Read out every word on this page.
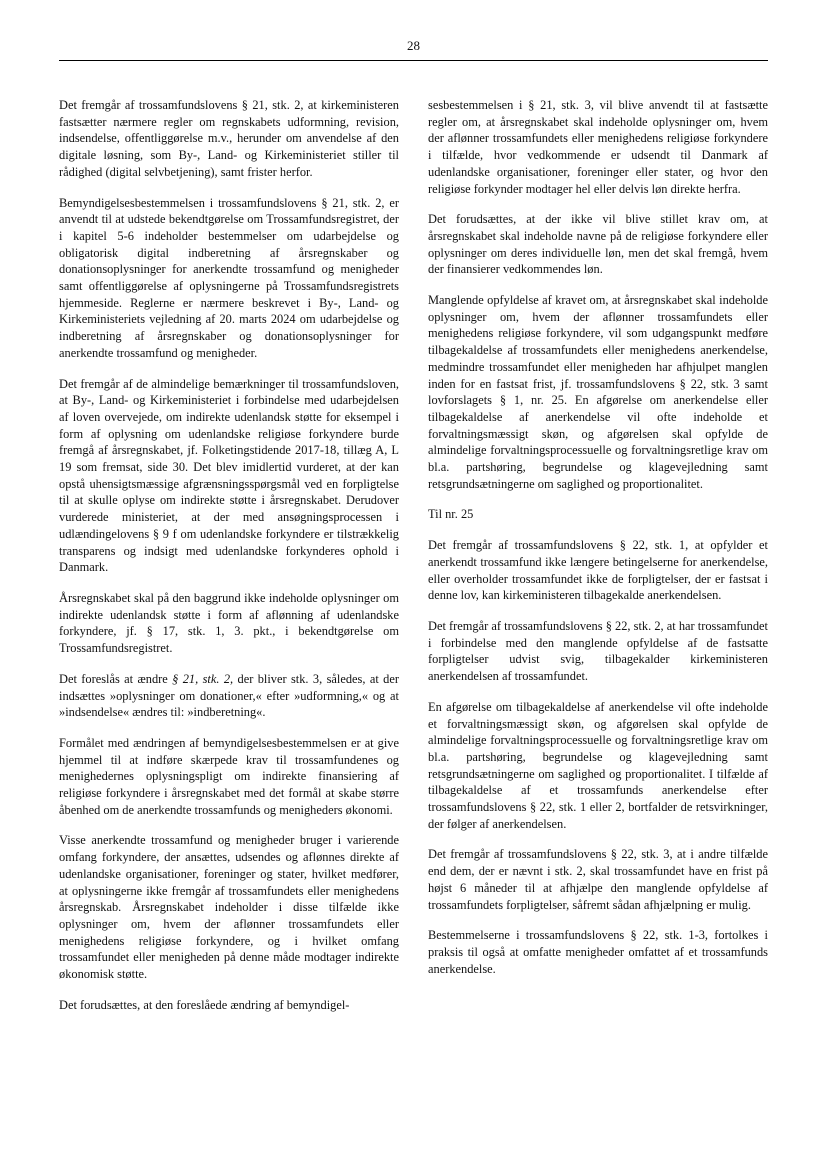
28

Det fremgår af trossamfundslovens § 21, stk. 2, at kirkeministeren fastsætter nærmere regler om regnskabets udformning, revision, indsendelse, offentliggørelse m.v., herunder om anvendelse af den digitale løsning, som By-, Land- og Kirkeministeriet stiller til rådighed (digital selvbetjening), samt frister herfor.

Bemyndigelsesbestemmelsen i trossamfundslovens § 21, stk. 2, er anvendt til at udstede bekendtgørelse om Trossamfundsregistret, der i kapitel 5-6 indeholder bestemmelser om udarbejdelse og obligatorisk digital indberetning af årsregnskaber og donationsoplysninger for anerkendte trossamfund og menigheder samt offentliggørelse af oplysningerne på Trossamfundsregistrets hjemmeside. Reglerne er nærmere beskrevet i By-, Land- og Kirkeministeriets vejledning af 20. marts 2024 om udarbejdelse og indberetning af årsregnskaber og donationsoplysninger for anerkendte trossamfund og menigheder.

Det fremgår af de almindelige bemærkninger til trossamfundsloven, at By-, Land- og Kirkeministeriet i forbindelse med udarbejdelsen af loven overvejede, om indirekte udenlandsk støtte for eksempel i form af oplysning om udenlandske religiøse forkyndere burde fremgå af årsregnskabet, jf. Folketingstidende 2017-18, tillæg A, L 19 som fremsat, side 30. Det blev imidlertid vurderet, at der kan opstå uhensigtsmæssige afgrænsningsspørgsmål ved en forpligtelse til at skulle oplyse om indirekte støtte i årsregnskabet. Derudover vurderede ministeriet, at der med ansøgningsprocessen i udlændingelovens § 9 f om udenlandske forkyndere er tilstrækkelig transparens og indsigt med udenlandske forkynderes ophold i Danmark.

Årsregnskabet skal på den baggrund ikke indeholde oplysninger om indirekte udenlandsk støtte i form af aflønning af udenlandske forkyndere, jf. § 17, stk. 1, 3. pkt., i bekendtgørelse om Trossamfundsregistret.

Det foreslås at ændre § 21, stk. 2, der bliver stk. 3, således, at der indsættes »oplysninger om donationer,« efter »udformning,« og at »indsendelse« ændres til: »indberetning«.

Formålet med ændringen af bemyndigelsesbestemmelsen er at give hjemmel til at indføre skærpede krav til trossamfundenes og menighedernes oplysningspligt om indirekte finansiering af religiøse forkyndere i årsregnskabet med det formål at skabe større åbenhed om de anerkendte trossamfunds og menigheders økonomi.

Visse anerkendte trossamfund og menigheder bruger i varierende omfang forkyndere, der ansættes, udsendes og aflønnes direkte af udenlandske organisationer, foreninger og stater, hvilket medfører, at oplysningerne ikke fremgår af trossamfundets eller menighedens årsregnskab. Årsregnskabet indeholder i disse tilfælde ikke oplysninger om, hvem der aflønner trossamfundets eller menighedens religiøse forkyndere, og i hvilket omfang trossamfundet eller menigheden på denne måde modtager indirekte økonomisk støtte.

Det forudsættes, at den foreslåede ændring af bemyndigel-

sesbestemmelsen i § 21, stk. 3, vil blive anvendt til at fastsætte regler om, at årsregnskabet skal indeholde oplysninger om, hvem der aflønner trossamfundets eller menighedens religiøse forkyndere i tilfælde, hvor vedkommende er udsendt til Danmark af udenlandske organisationer, foreninger eller stater, og hvor den religiøse forkynder modtager hel eller delvis løn direkte herfra.

Det forudsættes, at der ikke vil blive stillet krav om, at årsregnskabet skal indeholde navne på de religiøse forkyndere eller oplysninger om deres individuelle løn, men det skal fremgå, hvem der finansierer vedkommendes løn.

Manglende opfyldelse af kravet om, at årsregnskabet skal indeholde oplysninger om, hvem der aflønner trossamfundets eller menighedens religiøse forkyndere, vil som udgangspunkt medføre tilbagekaldelse af trossamfundets eller menighedens anerkendelse, medmindre trossamfundet eller menigheden har afhjulpet manglen inden for en fastsat frist, jf. trossamfundslovens § 22, stk. 3 samt lovforslagets § 1, nr. 25. En afgørelse om anerkendelse eller tilbagekaldelse af anerkendelse vil ofte indeholde et forvaltningsmæssigt skøn, og afgørelsen skal opfylde de almindelige forvaltningsprocessuelle og forvaltningsretlige krav om bl.a. partshøring, begrundelse og klagevejledning samt retsgrundsætningerne om saglighed og proportionalitet.

Til nr. 25

Det fremgår af trossamfundslovens § 22, stk. 1, at opfylder et anerkendt trossamfund ikke længere betingelserne for anerkendelse, eller overholder trossamfundet ikke de forpligtelser, der er fastsat i denne lov, kan kirkeministeren tilbagekalde anerkendelsen.

Det fremgår af trossamfundslovens § 22, stk. 2, at har trossamfundet i forbindelse med den manglende opfyldelse af de fastsatte forpligtelser udvist svig, tilbagekalder kirkeministeren anerkendelsen af trossamfundet.

En afgørelse om tilbagekaldelse af anerkendelse vil ofte indeholde et forvaltningsmæssigt skøn, og afgørelsen skal opfylde de almindelige forvaltningsprocessuelle og forvaltningsretlige krav om bl.a. partshøring, begrundelse og klagevejledning samt retsgrundsætningerne om saglighed og proportionalitet. I tilfælde af tilbagekaldelse af et trossamfunds anerkendelse efter trossamfundslovens § 22, stk. 1 eller 2, bortfalder de retsvirkninger, der følger af anerkendelsen.

Det fremgår af trossamfundslovens § 22, stk. 3, at i andre tilfælde end dem, der er nævnt i stk. 2, skal trossamfundet have en frist på højst 6 måneder til at afhjælpe den manglende opfyldelse af trossamfundets forpligtelser, såfremt sådan afhjælpning er mulig.

Bestemmelserne i trossamfundslovens § 22, stk. 1-3, fortolkes i praksis til også at omfatte menigheder omfattet af et trossamfunds anerkendelse.
